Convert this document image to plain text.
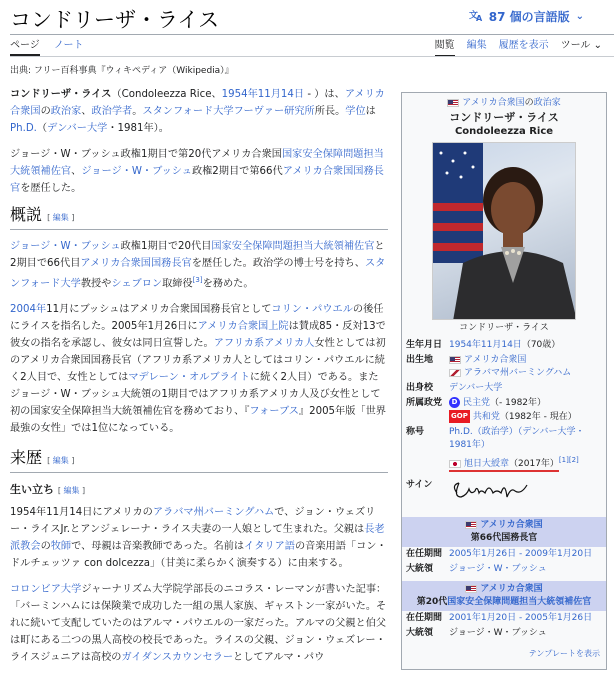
コンドリーザ・ライス	文
A 87 個の言語版 ⌄
ページ ノート	閲覧 編集 履歴を表示 ツール ⌄
出典: フリー百科事典『ウィキペディア（Wikipedia）』

コンドリーザ・ライス（Condoleezza Rice、1954年11月14日 - ）は、アメリカ合衆国の政治家、政治学者。スタンフォード大学フーヴァー研究所所長。学位はPh.D.（デンバー大学・1981年）。

ジョージ・W・ブッシュ政権1期目で第20代アメリカ合衆国国家安全保障問題担当大統領補佐官、ジョージ・W・ブッシュ政権2期目で第66代アメリカ合衆国国務長官を歴任した。

概説 [ 編集 ]

ジョージ・W・ブッシュ政権1期目で20代目国家安全保障問題担当大統領補佐官と2期目で66代目アメリカ合衆国国務長官を歴任した。政治学の博士号を持ち、スタンフォード大学教授やシェブロン取締役[3]を務めた。

2004年11月にブッシュはアメリカ合衆国国務長官としてコリン・パウエルの後任にライスを指名した。2005年1月26日にアメリカ合衆国上院は賛成85・反対13で彼女の指名を承認し、彼女は同日宣誓した。アフリカ系アメリカ人女性としては初のアメリカ合衆国国務長官（アフリカ系アメリカ人としてはコリン・パウエルに続く2人目で、女性としてはマデレーン・オルブライトに続く2人目）である。またジョージ・W・ブッシュ大統領の1期目ではアフリカ系アメリカ人及び女性として初の国家安全保障担当大統領補佐官を務めており、『フォーブス』2005年版「世界最強の女性」では1位になっている。

来歴 [ 編集 ]
生い立ち [ 編集 ]

1954年11月14日にアメリカのアラバマ州バーミングハムで、ジョン・ウェズリー・ライスJr.とアンジェレーナ・ライス夫妻の一人娘として生まれた。父親は長老派教会の牧師で、母親は音楽教師であった。名前はイタリア語の音楽用語「コン・ドルチェッツァ con dolcezza」（甘美に柔らかく演奏する）に由来する。

コロンビア大学ジャーナリズム大学院学部長のニコラス・レーマンが書いた記事：「バーミンハムには保険業で成功した一組の黒人家族、ギャストン一家がいた。それに続いて支配していたのはアルマ・パウエルの一家だった。アルマの父親と伯父は町にある二つの黒人高校の校長であった。ライスの父親、ジョン・ウェズレー・ライスジュニアは高校のガイダンスカウンセラーとしてアルマ・パウ

アメリカ合衆国の政治家
コンドリーザ・ライス
Condoleezza Rice
コンドリーザ・ライス
生年月日 1954年11月14日（70歳）
出生地	アメリカ合衆国
アラバマ州バーミングハム
出身校	デンバー大学
所属政党	D 民主党（- 1982年）
GOP 共和党（1982年 - 現在）
称号	Ph.D.（政治学）（デンバー大学・1981年）
旭日大綬章（2017年）[1][2]
サイン
アメリカ合衆国
第66代国務長官
在任期間 2005年1月26日 - 2009年1月20日
大統領	ジョージ・W・ブッシュ
アメリカ合衆国
第20代国家安全保障問題担当大統領補佐官
在任期間 2001年1月20日 - 2005年1月26日
大統領	ジョージ・W・ブッシュ
テンプレートを表示
